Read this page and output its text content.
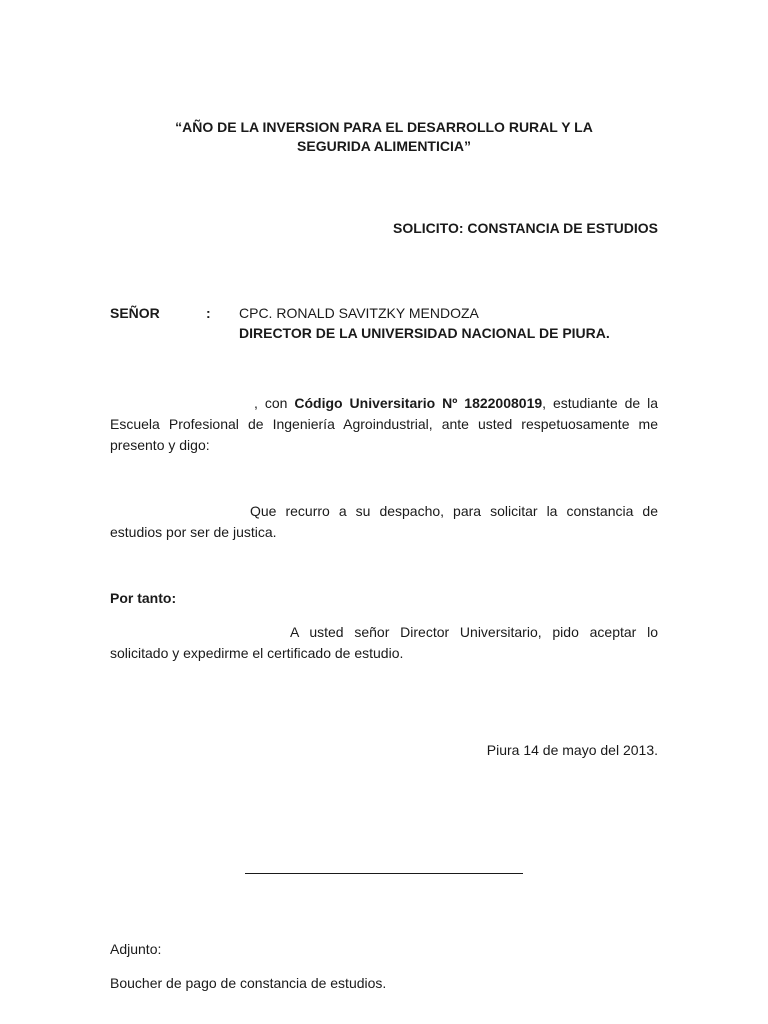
“AÑO DE LA INVERSION PARA EL DESARROLLO RURAL Y LA
SEGURIDA ALIMENTICIA”
SOLICITO: CONSTANCIA DE ESTUDIOS
SEÑOR	: CPC. RONALD SAVITZKY MENDOZA
DIRECTOR DE LA UNIVERSIDAD NACIONAL DE PIURA.
, con Código Universitario Nº 1822008019, estudiante de la Escuela Profesional de Ingeniería Agroindustrial, ante usted respetuosamente me presento y digo:
Que recurro a su despacho, para solicitar la constancia de estudios por ser de justica.
Por tanto:
A usted señor Director Universitario, pido aceptar lo solicitado y expedirme el certificado de estudio.
Piura 14 de mayo del 2013.
Adjunto:
Boucher de pago de constancia de estudios.
